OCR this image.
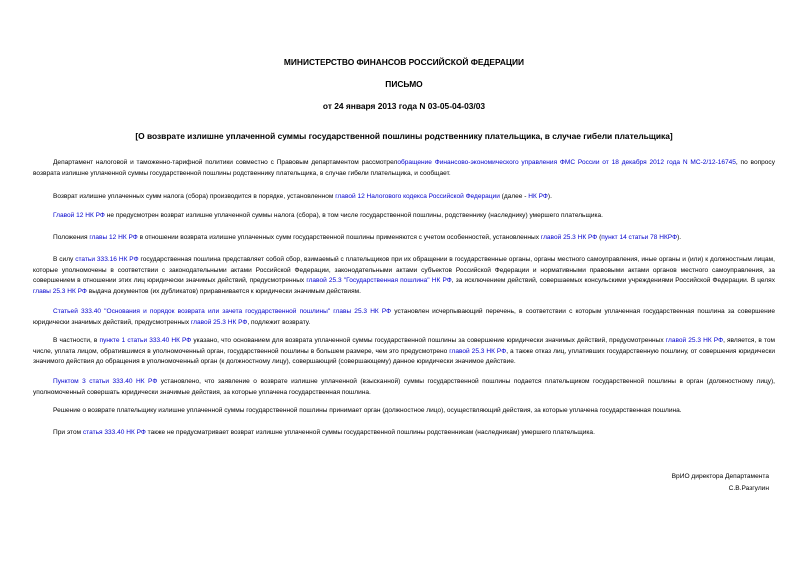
МИНИСТЕРСТВО ФИНАНСОВ РОССИЙСКОЙ ФЕДЕРАЦИИ
ПИСЬМО
от 24 января 2013 года N 03-05-04-03/03
[О возврате излишне уплаченной суммы государственной пошлины родственнику плательщика, в случае гибели плательщика]
Департамент налоговой и таможенно-тарифной политики совместно с Правовым департаментом рассмотрелобращение Финансово-экономического управления ФМС России от 18 декабря 2012 года N МС-2/12-16745, по вопросу возврата излишне уплаченной суммы государственной пошлины родственнику плательщика, в случае гибели плательщика, и сообщает.
Возврат излишне уплаченных сумм налога (сбора) производится в порядке, установленном главой 12 Налогового кодекса Российской Федерации (далее - НК РФ).
Главой 12 НК РФ не предусмотрен возврат излишне уплаченной суммы налога (сбора), в том числе государственной пошлины, родственнику (наследнику) умершего плательщика.
Положения главы 12 НК РФ в отношении возврата излишне уплаченных сумм государственной пошлины применяются с учетом особенностей, установленных главой 25.3 НК РФ (пункт 14 статьи 78 НКРФ).
В силу статьи 333.16 НК РФ государственная пошлина представляет собой сбор, взимаемый с плательщиков при их обращении в государственные органы, органы местного самоуправления, иные органы и (или) к должностным лицам, которые уполномочены в соответствии с законодательными актами Российской Федерации, законодательными актами субъектов Российской Федерации и нормативными правовыми актами органов местного самоуправления, за совершением в отношении этих лиц юридически значимых действий, предусмотренных главой 25.3 "Государственная пошлина" НК РФ, за исключением действий, совершаемых консульскими учреждениями Российской Федерации. В целях главы 25.3 НК РФ выдача документов (их дубликатов) приравнивается к юридически значимым действиям.
Статьей 333.40 "Основания и порядок возврата или зачета государственной пошлины" главы 25.3 НК РФ установлен исчерпывающий перечень, в соответствии с которым уплаченная государственная пошлина за совершение юридически значимых действий, предусмотренных главой 25.3 НК РФ, подлежит возврату.
В частности, в пункте 1 статьи 333.40 НК РФ указано, что основанием для возврата уплаченной суммы государственной пошлины за совершение юридически значимых действий, предусмотренных главой 25.3 НК РФ, является, в том числе, уплата лицом, обратившимся в уполномоченный орган, государственной пошлины в большем размере, чем это предусмотрено главой 25.3 НК РФ, а также отказ лиц, уплативших государственную пошлину, от совершения юридически значимого действия до обращения в уполномоченный орган (к должностному лицу), совершающий (совершающему) данное юридически значимое действие.
Пунктом 3 статьи 333.40 НК РФ установлено, что заявление о возврате излишне уплаченной (взысканной) суммы государственной пошлины подается плательщиком государственной пошлины в орган (должностному лицу), уполномоченный совершать юридически значимые действия, за которые уплачена государственная пошлина.
Решение о возврате плательщику излишне уплаченной суммы государственной пошлины принимает орган (должностное лицо), осуществляющий действия, за которые уплачена государственная пошлина.
При этом статья 333.40 НК РФ также не предусматривает возврат излишне уплаченной суммы государственной пошлины родственникам (наследникам) умершего плательщика.
ВрИО директора Департамента
С.В.Разгулин
